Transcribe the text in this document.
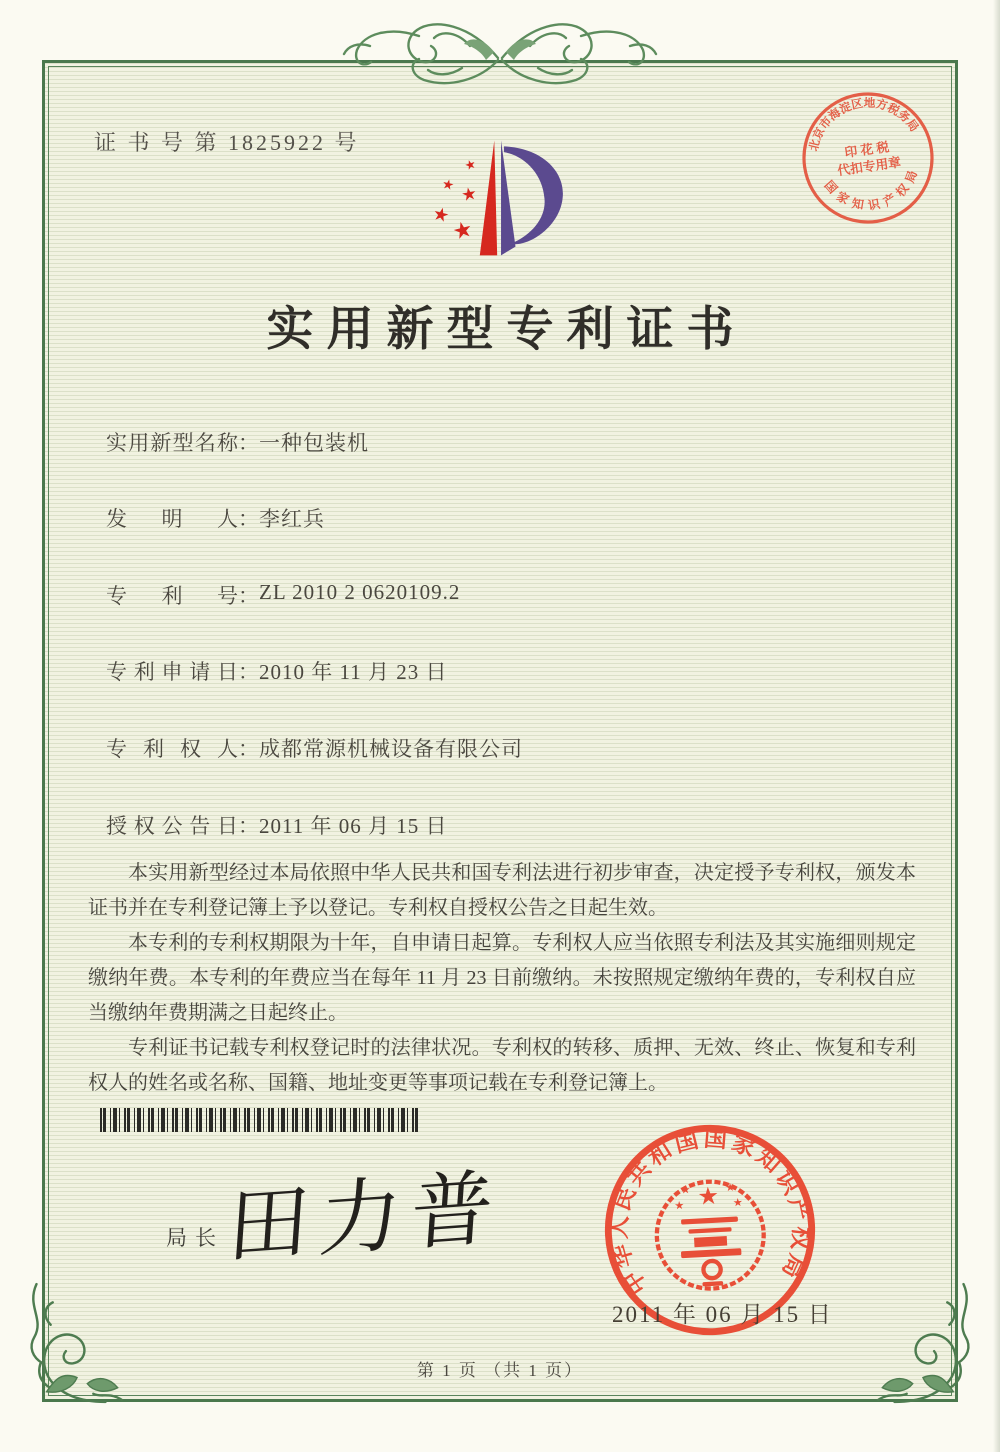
证 书 号 第 1825922 号
★
★ ★
★
★
实用新型专利证书
实用新型名称：一种包装机
发明人：李红兵
专利号：ZL 2010 2 0620109.2
专利申请日：2010 年 11 月 23 日
专利权人：成都常源机械设备有限公司
授权公告日：2011 年 06 月 15 日

本实用新型经过本局依照中华人民共和国专利法进行初步审查，决定授予专利权，颁发本证书并在专利登记簿上予以登记。专利权自授权公告之日起生效。

本专利的专利权期限为十年，自申请日起算。专利权人应当依照专利法及其实施细则规定缴纳年费。本专利的年费应当在每年 11 月 23 日前缴纳。未按照规定缴纳年费的，专利权自应当缴纳年费期满之日起终止。

专利证书记载专利权登记时的法律状况。专利权的转移、质押、无效、终止、恢复和专利权人的姓名或名称、国籍、地址变更等事项记载在专利登记簿上。

局长 田力普
中华人民共和国国家知识产权局
★
★	★
★	★
2011 年 06 月 15 日
北京市海淀区地方税务局
印 花 税
代扣专用章
国家知识产权局
第 1 页 （共 1 页）
